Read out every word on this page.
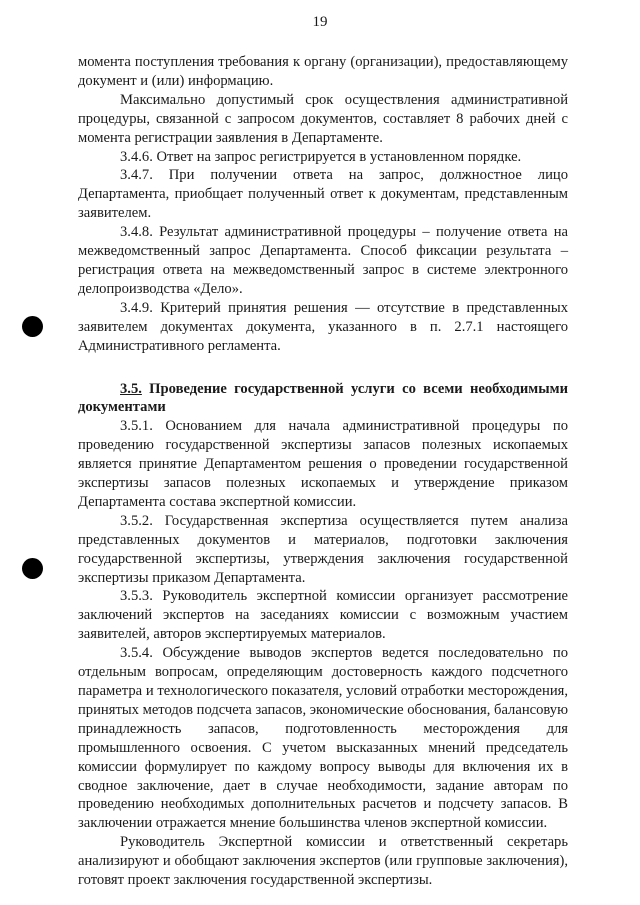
19

момента поступления требования к органу (организации), предоставляющему документ и (или) информацию.

Максимально допустимый срок осуществления административной процедуры, связанной с запросом документов, составляет 8 рабочих дней с момента регистрации заявления в Департаменте.

3.4.6. Ответ на запрос регистрируется в установленном порядке.

3.4.7. При получении ответа на запрос, должностное лицо Департамента, приобщает полученный ответ к документам, представленным заявителем.

3.4.8. Результат административной процедуры – получение ответа на межведомственный запрос Департамента. Способ фиксации результата – регистрация ответа на межведомственный запрос в системе электронного делопроизводства «Дело».

3.4.9. Критерий принятия решения — отсутствие в представленных заявителем документах документа, указанного в п. 2.7.1 настоящего Административного регламента.

3.5. Проведение государственной услуги со всеми необходимыми документами

3.5.1. Основанием для начала административной процедуры по проведению государственной экспертизы запасов полезных ископаемых является принятие Департаментом решения о проведении государственной экспертизы запасов полезных ископаемых и утверждение приказом Департамента состава экспертной комиссии.

3.5.2. Государственная экспертиза осуществляется путем анализа представленных документов и материалов, подготовки заключения государственной экспертизы, утверждения заключения государственной экспертизы приказом Департамента.

3.5.3. Руководитель экспертной комиссии организует рассмотрение заключений экспертов на заседаниях комиссии с возможным участием заявителей, авторов экспертируемых материалов.

3.5.4. Обсуждение выводов экспертов ведется последовательно по отдельным вопросам, определяющим достоверность каждого подсчетного параметра и технологического показателя, условий отработки месторождения, принятых методов подсчета запасов, экономические обоснования, балансовую принадлежность запасов, подготовленность месторождения для промышленного освоения. С учетом высказанных мнений председатель комиссии формулирует по каждому вопросу выводы для включения их в сводное заключение, дает в случае необходимости, задание авторам по проведению необходимых дополнительных расчетов и подсчету запасов. В заключении отражается мнение большинства членов экспертной комиссии.

Руководитель Экспертной комиссии и ответственный секретарь анализируют и обобщают заключения экспертов (или групповые заключения), готовят проект заключения государственной экспертизы.
